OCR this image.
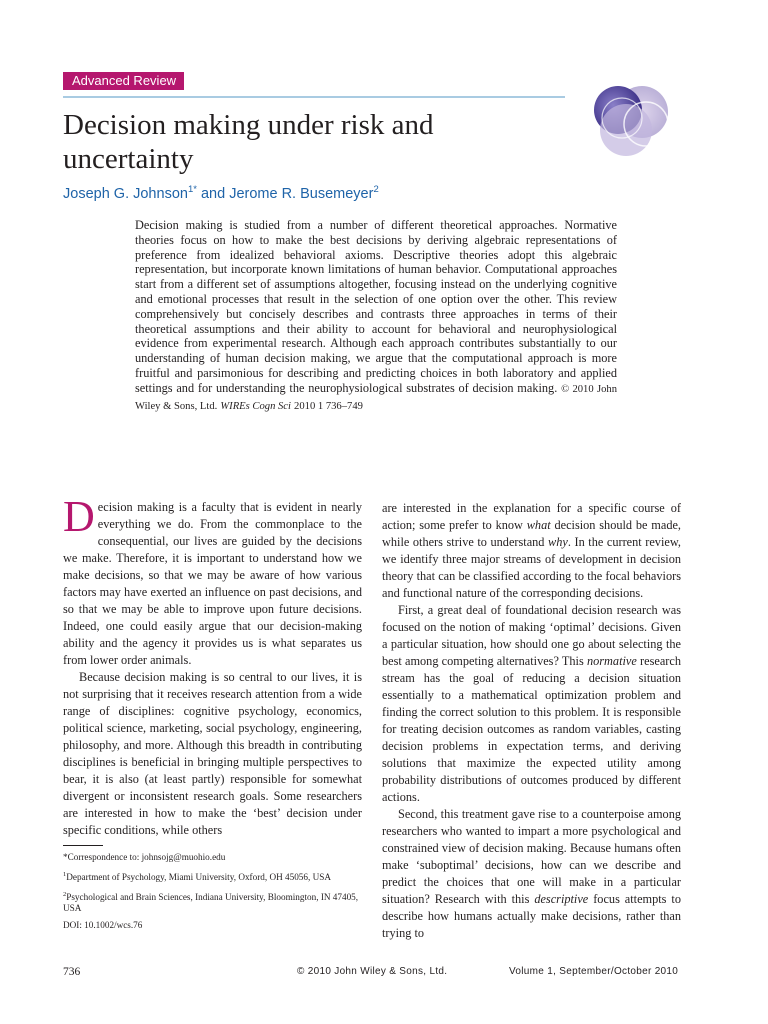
Advanced Review
Decision making under risk and uncertainty
Joseph G. Johnson$^{1*}$ and Jerome R. Busemeyer$^2$

Decision making is studied from a number of different theoretical approaches. Normative theories focus on how to make the best decisions by deriving algebraic representations of preference from idealized behavioral axioms. Descriptive theories adopt this algebraic representation, but incorporate known limitations of human behavior. Computational approaches start from a different set of assumptions altogether, focusing instead on the underlying cognitive and emotional processes that result in the selection of one option over the other. This review comprehensively but concisely describes and contrasts three approaches in terms of their theoretical assumptions and their ability to account for behavioral and neurophysiological evidence from experimental research. Although each approach contributes substantially to our understanding of human decision making, we argue that the computational approach is more fruitful and parsimonious for describing and predicting choices in both laboratory and applied settings and for understanding the neurophysiological substrates of decision making. © 2010 John Wiley & Sons, Ltd. WIREs Cogn Sci 2010 1 736–749

Decision making is a faculty that is evident in nearly everything we do. From the commonplace to the consequential, our lives are guided by the decisions we make. Therefore, it is important to understand how we make decisions, so that we may be aware of how various factors may have exerted an influence on past decisions, and so that we may be able to improve upon future decisions. Indeed, one could easily argue that our decision-making ability and the agency it provides us is what separates us from lower order animals.

Because decision making is so central to our lives, it is not surprising that it receives research attention from a wide range of disciplines: cognitive psychology, economics, political science, marketing, social psychology, engineering, philosophy, and more. Although this breadth in contributing disciplines is beneficial in bringing multiple perspectives to bear, it is also (at least partly) responsible for somewhat divergent or inconsistent research goals. Some researchers are interested in how to make the ‘best’ decision under specific conditions, while others

are interested in the explanation for a specific course of action; some prefer to know what decision should be made, while others strive to understand why. In the current review, we identify three major streams of development in decision theory that can be classified according to the focal behaviors and functional nature of the corresponding decisions.

First, a great deal of foundational decision research was focused on the notion of making ‘optimal’ decisions. Given a particular situation, how should one go about selecting the best among competing alternatives? This normative research stream has the goal of reducing a decision situation essentially to a mathematical optimization problem and finding the correct solution to this problem. It is responsible for treating decision outcomes as random variables, casting decision problems in expectation terms, and deriving solutions that maximize the expected utility among probability distributions of outcomes produced by different actions.

Second, this treatment gave rise to a counterpoise among researchers who wanted to impart a more psychological and constrained view of decision making. Because humans often make ‘suboptimal’ decisions, how can we describe and predict the choices that one will make in a particular situation? Research with this descriptive focus attempts to describe how humans actually make decisions, rather than trying to

*Correspondence to: johnsojg@muohio.edu

$^1$Department of Psychology, Miami University, Oxford, OH 45056, USA

$^2$Psychological and Brain Sciences, Indiana University, Bloomington, IN 47405, USA

DOI: 10.1002/wcs.76

736	© 2010 John Wiley & Sons, Ltd.	Volume 1, September/October 2010
